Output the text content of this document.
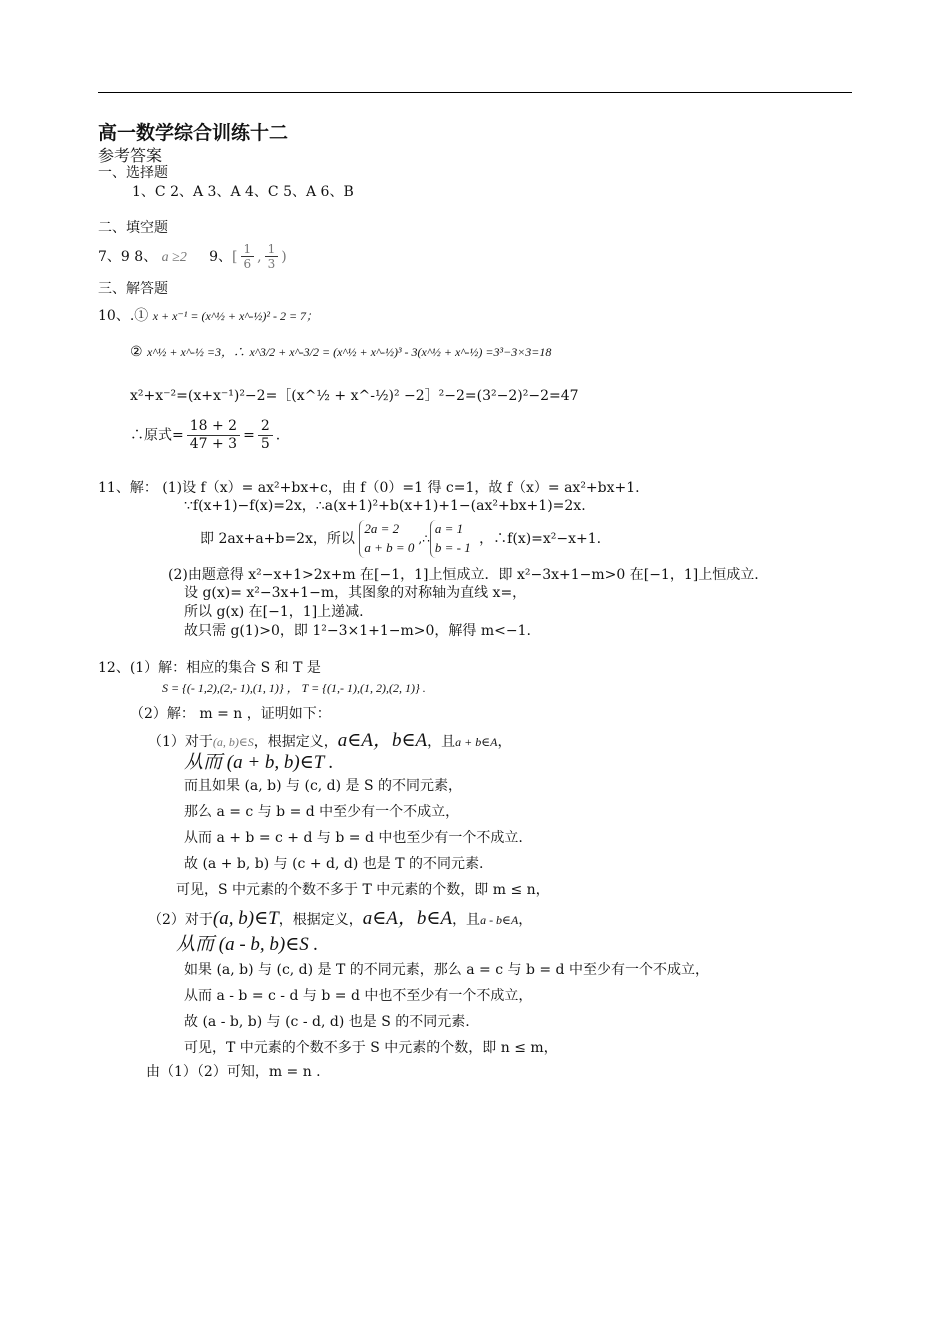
高一数学综合训练十二
参考答案
一、选择题
1、C 2、A 3、A 4、C 5、A 6、B
二、填空题
7、9 8、 a ≥2 9、[ $\frac{1}{6}$ , $\frac{1}{3}$ )
三、解答题
10、.① x + x⁻¹ = (x^½ + x^-½)² - 2 = 7；
② x^½ + x^-½ =3，∴ x^3/2 + x^-3/2 = (x^½ + x^-½)³ - 3(x^½ + x^-½) =3³−3×3=18
x²+x⁻²=(x+x⁻¹)²−2=［(x^½ + x^-½)² −2］²−2=(3²−2)²−2=47
∴原式= $\frac{18 + 2}{47 + 3} = \frac{2}{5}$ .
11、解： (1)设 f（x）= ax²+bx+c，由 f（0）=1 得 c=1，故 f（x）= ax²+bx+1.
∵f(x+1)−f(x)=2x，∴a(x+1)²+b(x+1)+1−(ax²+bx+1)=2x.
即 2ax+a+b=2x，所以
2a = 2
a + b = 0
,∴
a = 1
b = - 1
，∴f(x)=x²−x+1.
(2)由题意得 x²−x+1>2x+m 在[−1，1]上恒成立．即 x²−3x+1−m>0 在[−1，1]上恒成立.
设 g(x)= x²−3x+1−m，其图象的对称轴为直线 x=，
所以 g(x) 在[−1，1]上递减.
故只需 g(1)>0，即 1²−3×1+1−m>0，解得 m<−1.
12、(1）解：相应的集合 S 和 T 是
S = {(- 1,2),(2,- 1),(1, 1)} ， T = {(1,- 1),(1, 2),(2, 1)} .
（2）解： m = n ，证明如下：
（1）对于(a, b)∈S，根据定义，a∈A，b∈A，且a + b∈A，
从而 (a + b, b)∈T .
而且如果 (a, b) 与 (c, d) 是 S 的不同元素，
那么 a = c 与 b = d 中至少有一个不成立，
从而 a + b = c + d 与 b = d 中也至少有一个不成立.
故 (a + b, b) 与 (c + d, d) 也是 T 的不同元素.
可见，S 中元素的个数不多于 T 中元素的个数，即 m ≤ n，
（2）对于(a, b)∈T，根据定义，a∈A，b∈A，且a - b∈A，
从而 (a - b, b)∈S .
如果 (a, b) 与 (c, d) 是 T 的不同元素，那么 a = c 与 b = d 中至少有一个不成立，
从而 a - b = c - d 与 b = d 中也不至少有一个不成立，
故 (a - b, b) 与 (c - d, d) 也是 S 的不同元素.
可见，T 中元素的个数不多于 S 中元素的个数，即 n ≤ m，
由（1）（2）可知，m = n .
